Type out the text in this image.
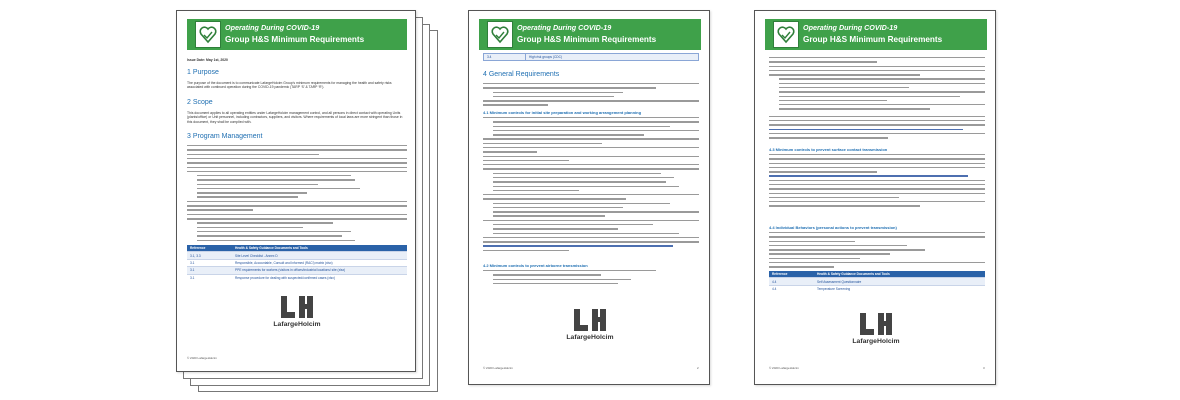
Operating During COVID-19
Group H&S Minimum Requirements
Issue Date: May 1st, 2020
1 Purpose
The purpose of the document is to communicate LafargeHolcim Group's minimum requirements for managing the health and safety risks associated with continued operation during the COVID-19 pandemic (TARP ‘S’ & TARP ‘R’).
2 Scope
This document applies to all operating entities under LafargeHolcim management control, and all persons in direct contact with operating Units (plants/office) or Unit personnel, including contractors, suppliers, and visitors. Where requirements of local laws are more stringent than those in this document, they shall be complied with.
3 Program Management
Reference	Health & Safety Guidance Documents and Tools
3.1, 3.3	Site Level Checklist - Annex D
3.1	Responsible, Accountable, Consult and Informed (RACI) matrix (xlsx)
3.1	PPE requirements for workers (visitors in offices/industrial locations/ site (xlsx)
3.1	Response procedure for dealing with suspected/confirmed cases (xlsx)
LafargeHolcim
© 2020 LafargeHolcim
Operating During COVID-19
Group H&S Minimum Requirements
3.4	High risk groups (CDC)
4 General Requirements
4.1 Minimum controls for initial site preparation and working arrangement planning
4.2 Minimum controls to prevent airborne transmission
LafargeHolcim
© 2020 LafargeHolcim	2
Operating During COVID-19
Group H&S Minimum Requirements
4.3 Minimum controls to prevent surface contact transmission
4.4 Individual Behaviors (personal actions to prevent transmission)
Reference	Health & Safety Guidance Documents and Tools
4.4	Self Assessment Questionnaire
4.4	Temperature Screening
LafargeHolcim
© 2020 LafargeHolcim	3
